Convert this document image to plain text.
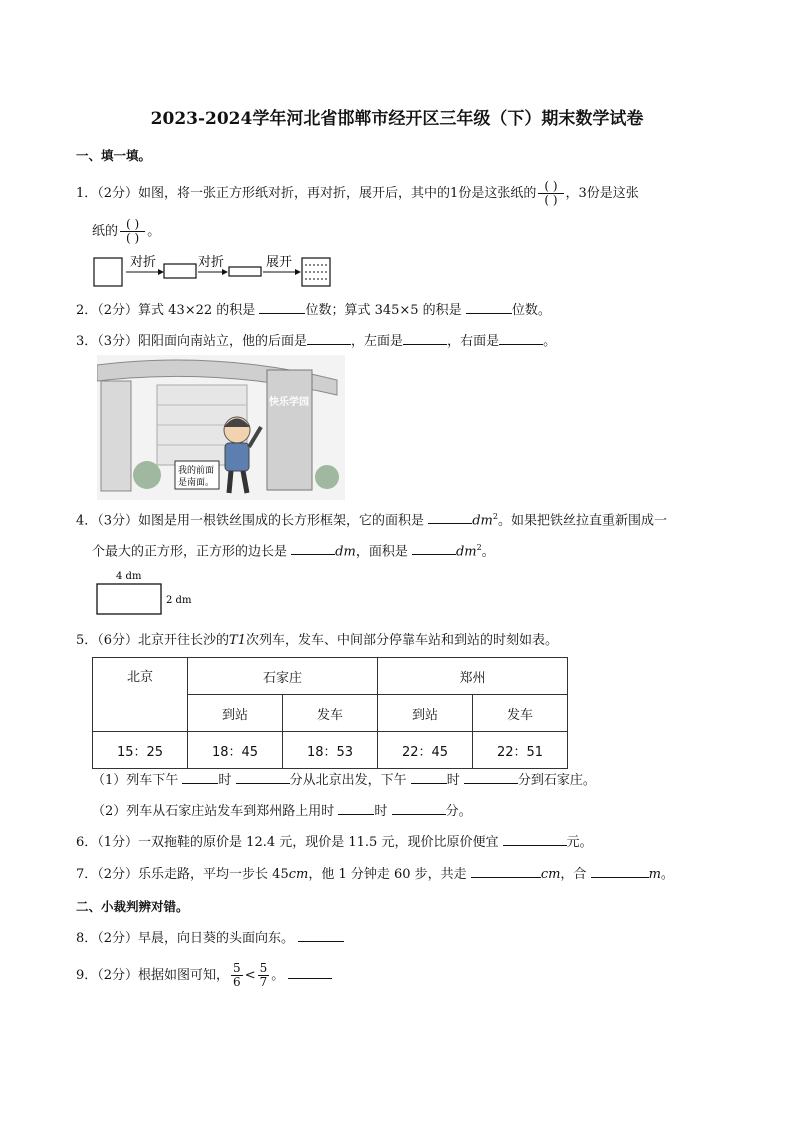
2023-2024学年河北省邯郸市经开区三年级（下）期末数学试卷
一、填一填。
1．（2分）如图，将一张正方形纸对折，再对折，展开后，其中的1份是这张纸的 $\frac{( )}{( )}$ ，3份是这张
纸的 $\frac{( )}{( )}$ 。
对折	对折	展开
2．（2分）算式 43×22 的积是	位数；算式 345×5 的积是	位数。
3．（3分）阳阳面向南站立，他的后面是	，左面是	，右面是	。
快乐学园
我的前面
是南面。
4．（3分）如图是用一根铁丝围成的长方形框架，它的面积是	$dm^2$。如果把铁丝拉直重新围成一
个最大的正方形，正方形的边长是	dm，面积是	$dm^2$。
4 dm
2 dm
5．（6分）北京开往长沙的T1次列车，发车、中间部分停靠车站和到站的时刻如表。
北京	石家庄		郑州	
	到站	发车	到站	发车
15：25	18：45	18：53	22：45	22：51
（1）列车下午	时	分从北京出发，下午	时	分到石家庄。
（2）列车从石家庄站发车到郑州路上用时	时	分。
6．（1分）一双拖鞋的原价是 12.4 元，现价是 11.5 元，现价比原价便宜	元。
7．（2分）乐乐走路，平均一步长 45cm，他 1 分钟走 60 步，共走	cm，合	m。
二、小裁判辨对错。
8．（2分）早晨，向日葵的头面向东。
9．（2分）根据如图可知， $\frac{5}{6} < \frac{5}{7}$ 。
